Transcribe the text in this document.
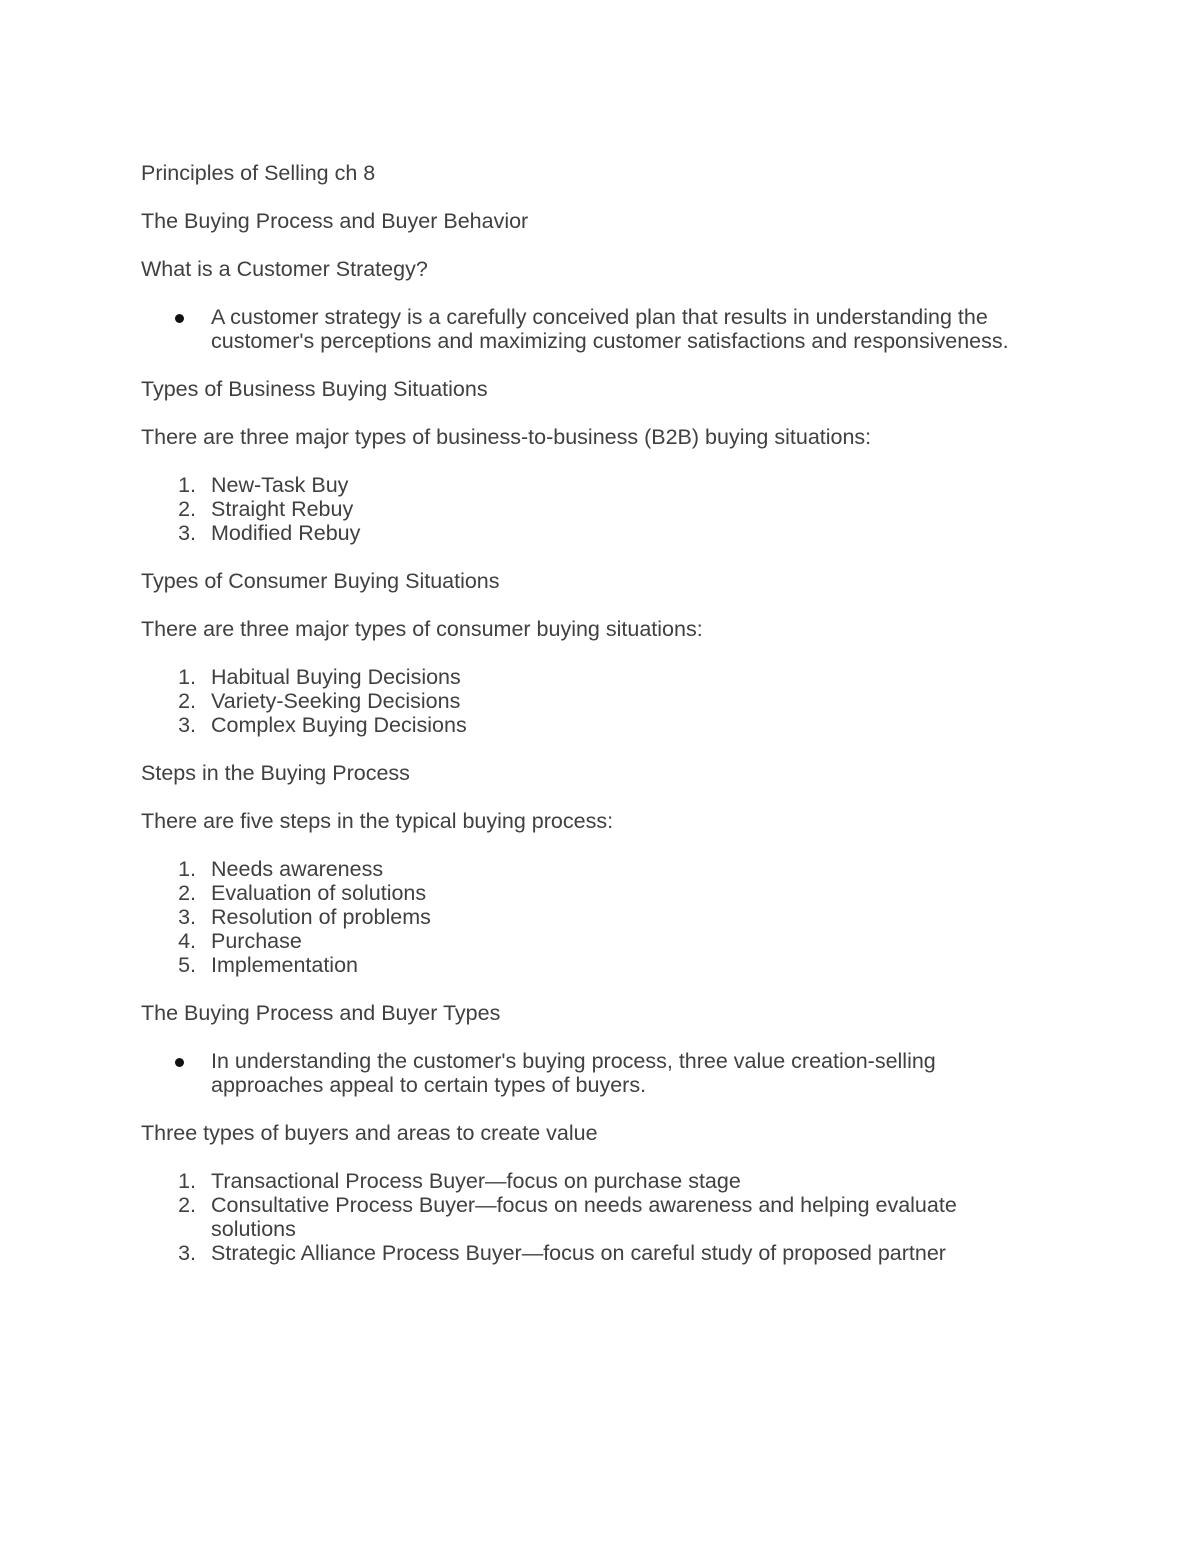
Principles of Selling ch 8

The Buying Process and Buyer Behavior

What is a Customer Strategy?

A customer strategy is a carefully conceived plan that results in understanding the customer's perceptions and maximizing customer satisfactions and responsiveness.

Types of Business Buying Situations

There are three major types of business-to-business (B2B) buying situations:

1. New-Task Buy
2. Straight Rebuy
3. Modified Rebuy

Types of Consumer Buying Situations

There are three major types of consumer buying situations:

1. Habitual Buying Decisions
2. Variety-Seeking Decisions
3. Complex Buying Decisions

Steps in the Buying Process

There are five steps in the typical buying process:

1. Needs awareness
2. Evaluation of solutions
3. Resolution of problems
4. Purchase
5. Implementation

The Buying Process and Buyer Types

In understanding the customer's buying process, three value creation-selling approaches appeal to certain types of buyers.

Three types of buyers and areas to create value

1. Transactional Process Buyer—focus on purchase stage
2. Consultative Process Buyer—focus on needs awareness and helping evaluate solutions
3. Strategic Alliance Process Buyer—focus on careful study of proposed partner
